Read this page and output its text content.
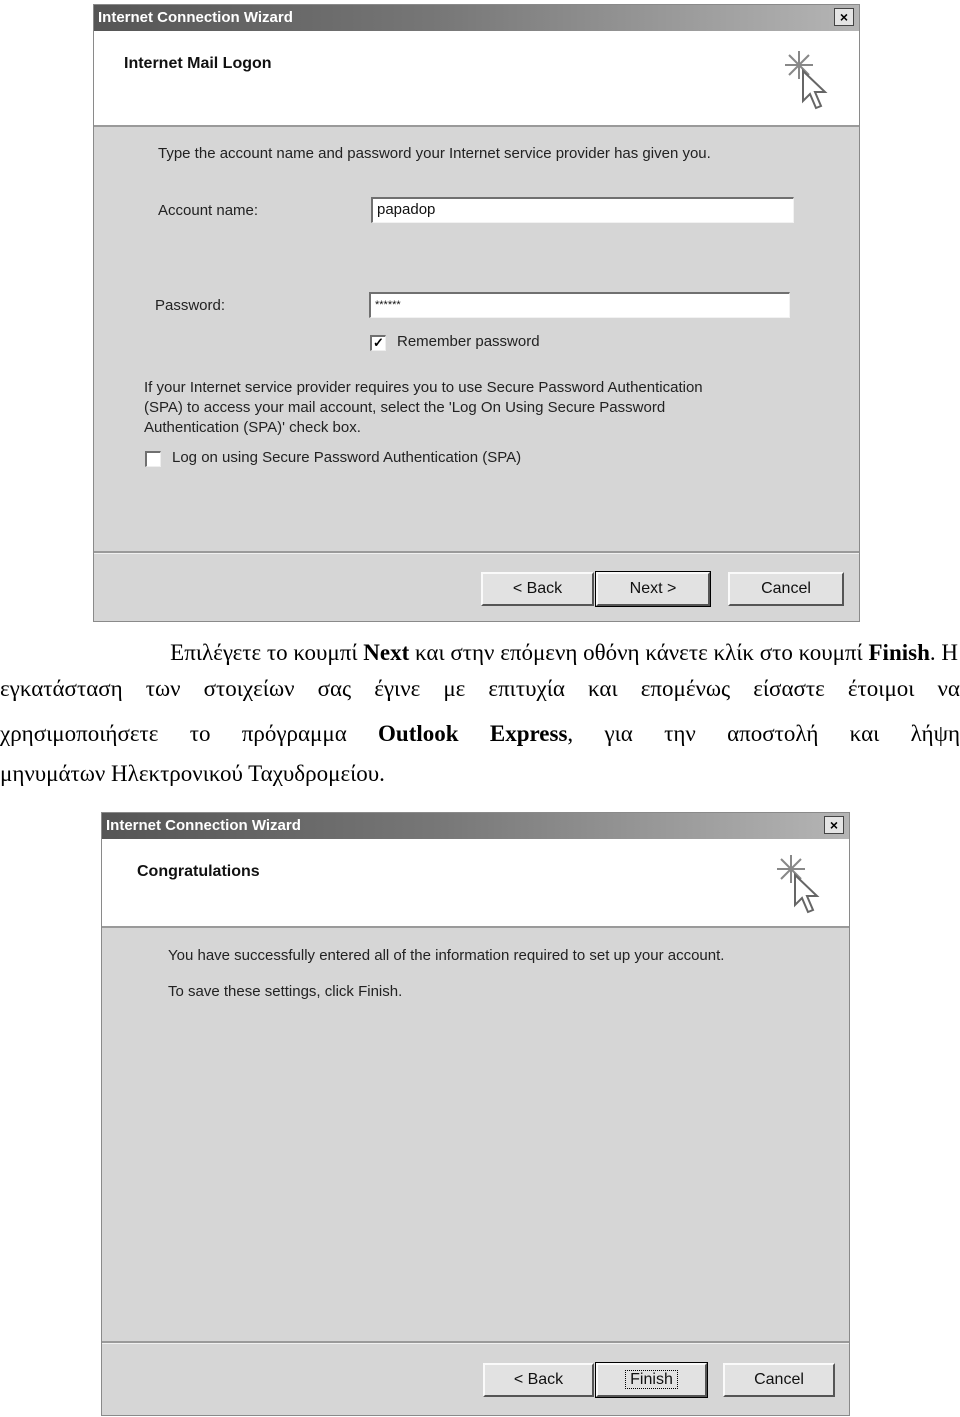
Internet Connection Wizard	×
Internet Mail Logon
Type the account name and password your Internet service provider has given you.
Account name:	papadop
Password:	******
✓ Remember password
If your Internet service provider requires you to use Secure Password Authentication
(SPA) to access your mail account, select the 'Log On Using Secure Password
Authentication (SPA)' check box.
Log on using Secure Password Authentication (SPA)
< Back	Next >	Cancel
Επιλέγετε το κουμπί Next και στην επόμενη οθόνη κάνετε κλίκ στο κουμπί Finish. Η
εγκατάσταση των στοιχείων σας έγινε με επιτυχία και επομένως είσαστε έτοιμοι να
χρησιμοποιήσετε το πρόγραμμα Outlook Express, για την αποστολή και λήψη
μηνυμάτων Ηλεκτρονικού Ταχυδρομείου.
Internet Connection Wizard	×
Congratulations
You have successfully entered all of the information required to set up your account.
To save these settings, click Finish.
< Back	Finish	Cancel
